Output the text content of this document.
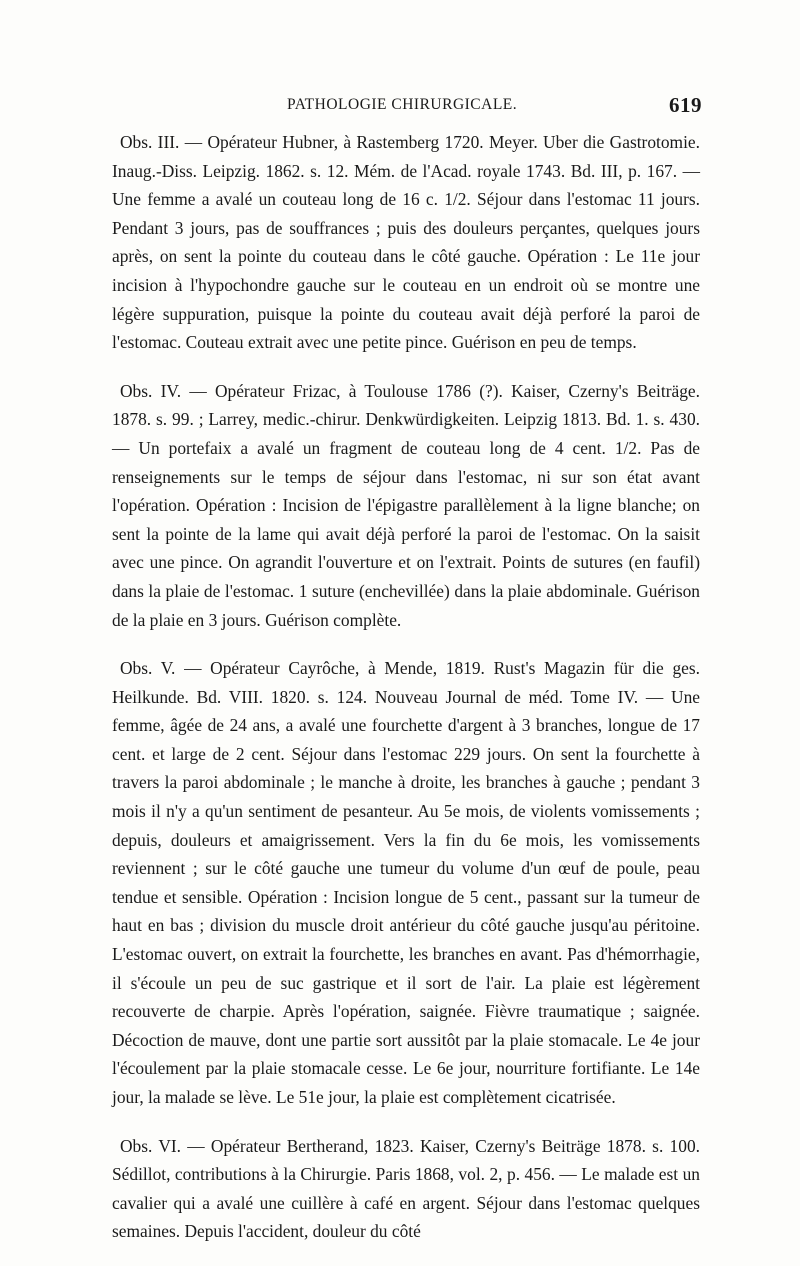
PATHOLOGIE CHIRURGICALE.	619

Obs. III. — Opérateur Hubner, à Rastemberg 1720. Meyer. Uber die Gastrotomie. Inaug.-Diss. Leipzig. 1862. s. 12. Mém. de l'Acad. royale 1743. Bd. III, p. 167. — Une femme a avalé un couteau long de 16 c. 1/2. Séjour dans l'estomac 11 jours. Pendant 3 jours, pas de souffrances ; puis des douleurs perçantes, quelques jours après, on sent la pointe du couteau dans le côté gauche. Opération : Le 11e jour incision à l'hypochondre gauche sur le couteau en un endroit où se montre une légère suppuration, puisque la pointe du couteau avait déjà perforé la paroi de l'estomac. Couteau extrait avec une petite pince. Guérison en peu de temps.

Obs. IV. — Opérateur Frizac, à Toulouse 1786 (?). Kaiser, Czerny's Beiträge. 1878. s. 99. ; Larrey, medic.-chirur. Denkwürdigkeiten. Leipzig 1813. Bd. 1. s. 430. — Un portefaix a avalé un fragment de couteau long de 4 cent. 1/2. Pas de renseignements sur le temps de séjour dans l'estomac, ni sur son état avant l'opération. Opération : Incision de l'épigastre parallèlement à la ligne blanche; on sent la pointe de la lame qui avait déjà perforé la paroi de l'estomac. On la saisit avec une pince. On agrandit l'ouverture et on l'extrait. Points de sutures (en faufil) dans la plaie de l'estomac. 1 suture (enchevillée) dans la plaie abdominale. Guérison de la plaie en 3 jours. Guérison complète.

Obs. V. — Opérateur Cayrôche, à Mende, 1819. Rust's Magazin für die ges. Heilkunde. Bd. VIII. 1820. s. 124. Nouveau Journal de méd. Tome IV. — Une femme, âgée de 24 ans, a avalé une fourchette d'argent à 3 branches, longue de 17 cent. et large de 2 cent. Séjour dans l'estomac 229 jours. On sent la fourchette à travers la paroi abdominale ; le manche à droite, les branches à gauche ; pendant 3 mois il n'y a qu'un sentiment de pesanteur. Au 5e mois, de violents vomissements ; depuis, douleurs et amaigrissement. Vers la fin du 6e mois, les vomissements reviennent ; sur le côté gauche une tumeur du volume d'un œuf de poule, peau tendue et sensible. Opération : Incision longue de 5 cent., passant sur la tumeur de haut en bas ; division du muscle droit antérieur du côté gauche jusqu'au péritoine. L'estomac ouvert, on extrait la fourchette, les branches en avant. Pas d'hémorrhagie, il s'écoule un peu de suc gastrique et il sort de l'air. La plaie est légèrement recouverte de charpie. Après l'opération, saignée. Fièvre traumatique ; saignée. Décoction de mauve, dont une partie sort aussitôt par la plaie stomacale. Le 4e jour l'écoulement par la plaie stomacale cesse. Le 6e jour, nourriture fortifiante. Le 14e jour, la malade se lève. Le 51e jour, la plaie est complètement cicatrisée.

Obs. VI. — Opérateur Bertherand, 1823. Kaiser, Czerny's Beiträge 1878. s. 100. Sédillot, contributions à la Chirurgie. Paris 1868, vol. 2, p. 456. — Le malade est un cavalier qui a avalé une cuillère à café en argent. Séjour dans l'estomac quelques semaines. Depuis l'accident, douleur du côté
